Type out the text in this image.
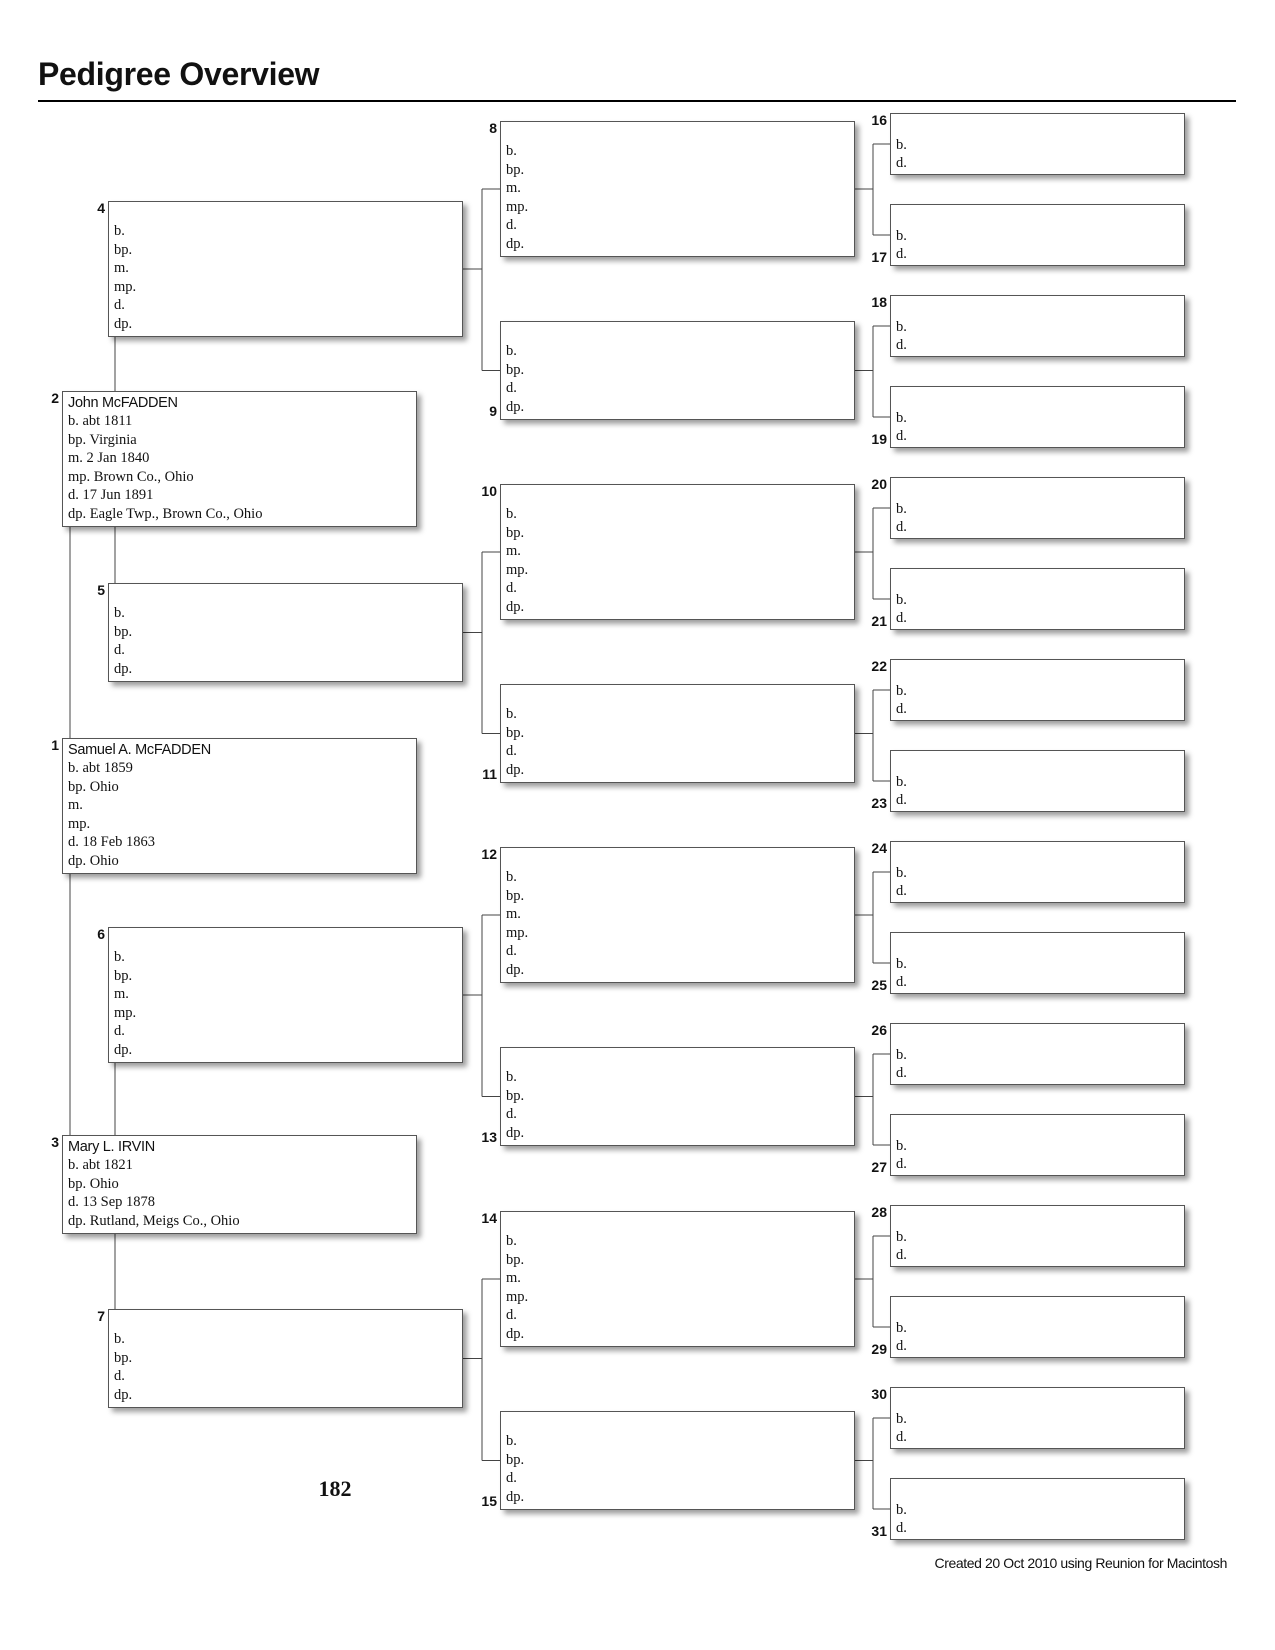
Pedigree Overview
Samuel A. McFADDEN
b. abt 1859
bp. Ohio
m.
mp.
d. 18 Feb 1863
dp. Ohio
1
John McFADDEN
b. abt 1811
bp. Virginia
m. 2 Jan 1840
mp. Brown Co., Ohio
d. 17 Jun 1891
dp. Eagle Twp., Brown Co., Ohio
2
Mary L. IRVIN
b. abt 1821
bp. Ohio
d. 13 Sep 1878
dp. Rutland, Meigs Co., Ohio
3
b.
bp.
m.
mp.
d.
dp.
4
b.
bp.
d.
dp.
5
b.
bp.
m.
mp.
d.
dp.
6
b.
bp.
d.
dp.
7
b.
bp.
m.
mp.
d.
dp.
8
b.
bp.
d.
dp.
9
b.
bp.
m.
mp.
d.
dp.
10
b.
bp.
d.
dp.
11
b.
bp.
m.
mp.
d.
dp.
12
b.
bp.
d.
dp.
13
b.
bp.
m.
mp.
d.
dp.
14
b.
bp.
d.
dp.
15
b.
d.
16
b.
d.
17
b.
d.
18
b.
d.
19
b.
d.
20
b.
d.
21
b.
d.
22
b.
d.
23
b.
d.
24
b.
d.
25
b.
d.
26
b.
d.
27
b.
d.
28
b.
d.
29
b.
d.
30
b.
d.
31
182
Created 20 Oct 2010 using Reunion for Macintosh
